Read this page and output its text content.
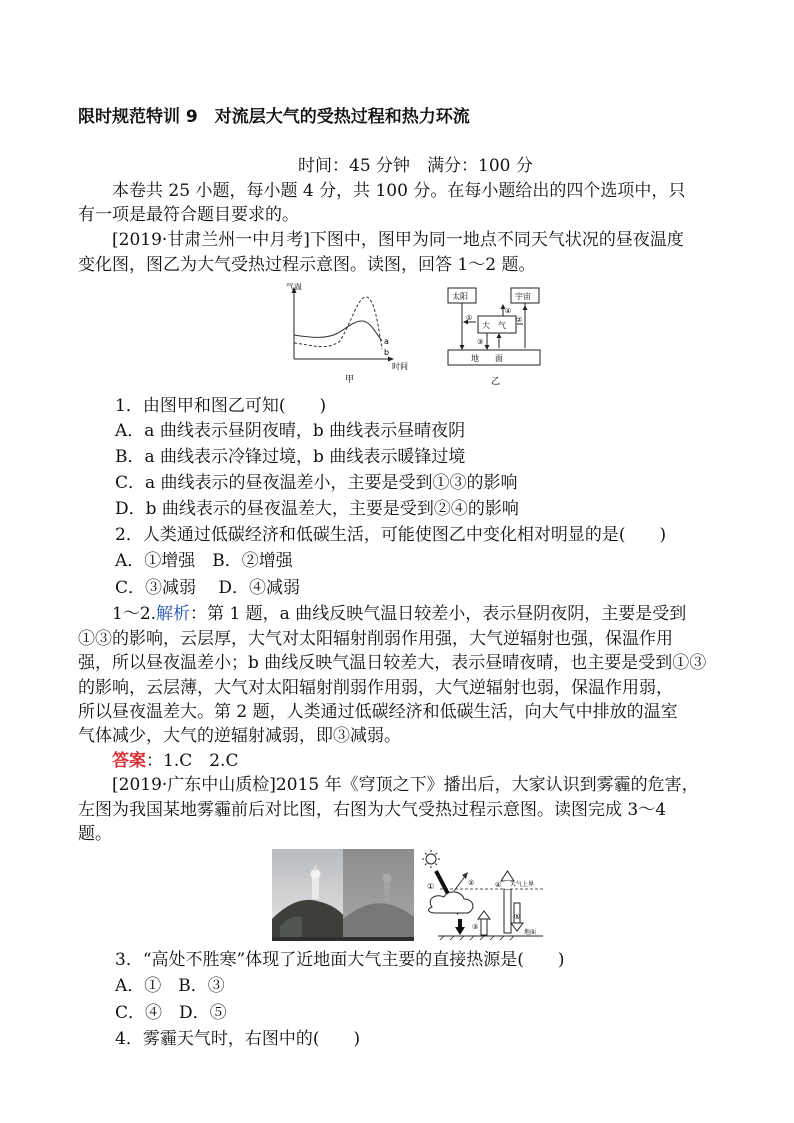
限时规范特训 9　对流层大气的受热过程和热力环流
时间：45 分钟　满分：100 分
本卷共 25 小题，每小题 4 分，共 100 分。在每小题给出的四个选项中，只
有一项是最符合题目要求的。
[2019·甘肃兰州一中月考]下图中，图甲为同一地点不同天气状况的昼夜温度
变化图，图乙为大气受热过程示意图。读图，回答 1～2 题。
气温
时间
a
b
甲
太阳	宇宙
大　气
地　　面
①
④
②
③
乙
1．由图甲和图乙可知(　　)
A．a 曲线表示昼阴夜晴，b 曲线表示昼晴夜阴
B．a 曲线表示冷锋过境，b 曲线表示暖锋过境
C．a 曲线表示的昼夜温差小，主要是受到①③的影响
D．b 曲线表示的昼夜温差大，主要是受到②④的影响
2．人类通过低碳经济和低碳生活，可能使图乙中变化相对明显的是(　　)
A．①增强　B．②增强
C．③减弱　 D．④减弱
1～2.解析：第 1 题，a 曲线反映气温日较差小，表示昼阴夜阴，主要是受到
①③的影响，云层厚，大气对太阳辐射削弱作用强，大气逆辐射也强，保温作用
强，所以昼夜温差小；b 曲线反映气温日较差大，表示昼晴夜晴，也主要是受到①③
的影响，云层薄，大气对太阳辐射削弱作用弱，大气逆辐射也弱，保温作用弱，
所以昼夜温差大。第 2 题，人类通过低碳经济和低碳生活，向大气中排放的温室
气体减少，大气的逆辐射减弱，即③减弱。
答案：1.C　2.C
[2019·广东中山质检]2015 年《穹顶之下》播出后，大家认识到雾霾的危害，
左图为我国某地雾霾前后对比图，右图为大气受热过程示意图。读图完成 3～4
题。
大气上界
①	②
③
④
⑤
地面
3．“高处不胜寒”体现了近地面大气主要的直接热源是(　　)
A．①　B．③
C．④　D．⑤
4．雾霾天气时，右图中的(　　)
